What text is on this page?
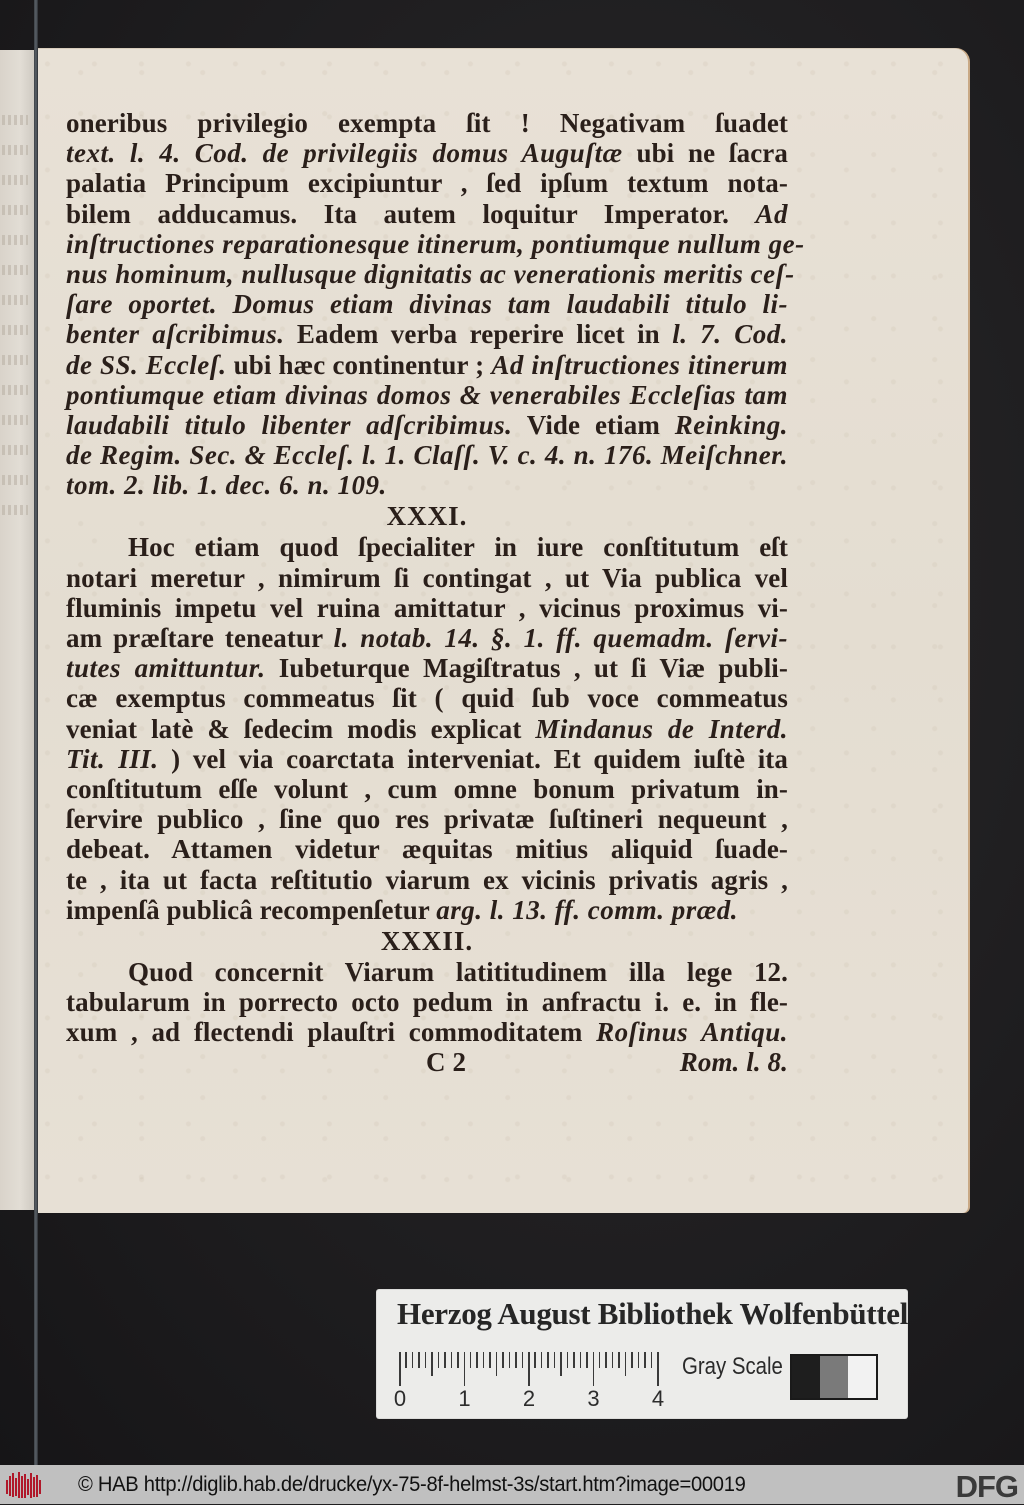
oneribus privilegio exempta ſit ! Negativam ſuadet
text. l. 4. Cod. de privilegiis domus Auguſtæ ubi ne ſacra
palatia Principum excipiuntur , ſed ipſum textum nota-
bilem adducamus. Ita autem loquitur Imperator. Ad
inſtructiones reparationesque itinerum, pontiumque nullum ge-
nus hominum, nullusque dignitatis ac venerationis meritis ceſ-
ſare oportet. Domus etiam divinas tam laudabili titulo li-
benter aſcribimus. Eadem verba reperire licet in l. 7. Cod.
de SS. Eccleſ. ubi hæc continentur ; Ad inſtructiones itinerum
pontiumque etiam divinas domos & venerabiles Eccleſias tam
laudabili titulo libenter adſcribimus. Vide etiam Reinking.
de Regim. Sec. & Eccleſ. l. 1. Claſſ. V. c. 4. n. 176. Meiſchner.
tom. 2. lib. 1. dec. 6. n. 109.
XXXI.
Hoc etiam quod ſpecialiter in iure conſtitutum eſt
notari meretur , nimirum ſi contingat , ut Via publica vel
fluminis impetu vel ruina amittatur , vicinus proximus vi-
am præſtare teneatur l. notab. 14. §. 1. ff. quemadm. ſervi-
tutes amittuntur. Iubeturque Magiſtratus , ut ſi Viæ publi-
cæ exemptus commeatus ſit ( quid ſub voce commeatus
veniat latè & ſedecim modis explicat Mindanus de Interd.
Tit. III. ) vel via coarctata interveniat. Et quidem iuſtè ita
conſtitutum eſſe volunt , cum omne bonum privatum in-
ſervire publico , ſine quo res privatæ ſuſtineri nequeunt ,
debeat. Attamen videtur æquitas mitius aliquid ſuade-
te , ita ut facta reſtitutio viarum ex vicinis privatis agris ,
impenſâ publicâ recompenſetur arg. l. 13. ff. comm. præd.
XXXII.
Quod concernit Viarum latititudinem illa lege 12.
tabularum in porrecto octo pedum in anfractu i. e. in fle-
xum , ad flectendi plauſtri commoditatem Roſinus Antiqu.
C 2	Rom. l. 8.
Herzog August Bibliothek Wolfenbüttel
0 1 2 3 4
Gray Scale
© HAB http://diglib.hab.de/drucke/yx-75-8f-helmst-3s/start.htm?image=00019	DFG
